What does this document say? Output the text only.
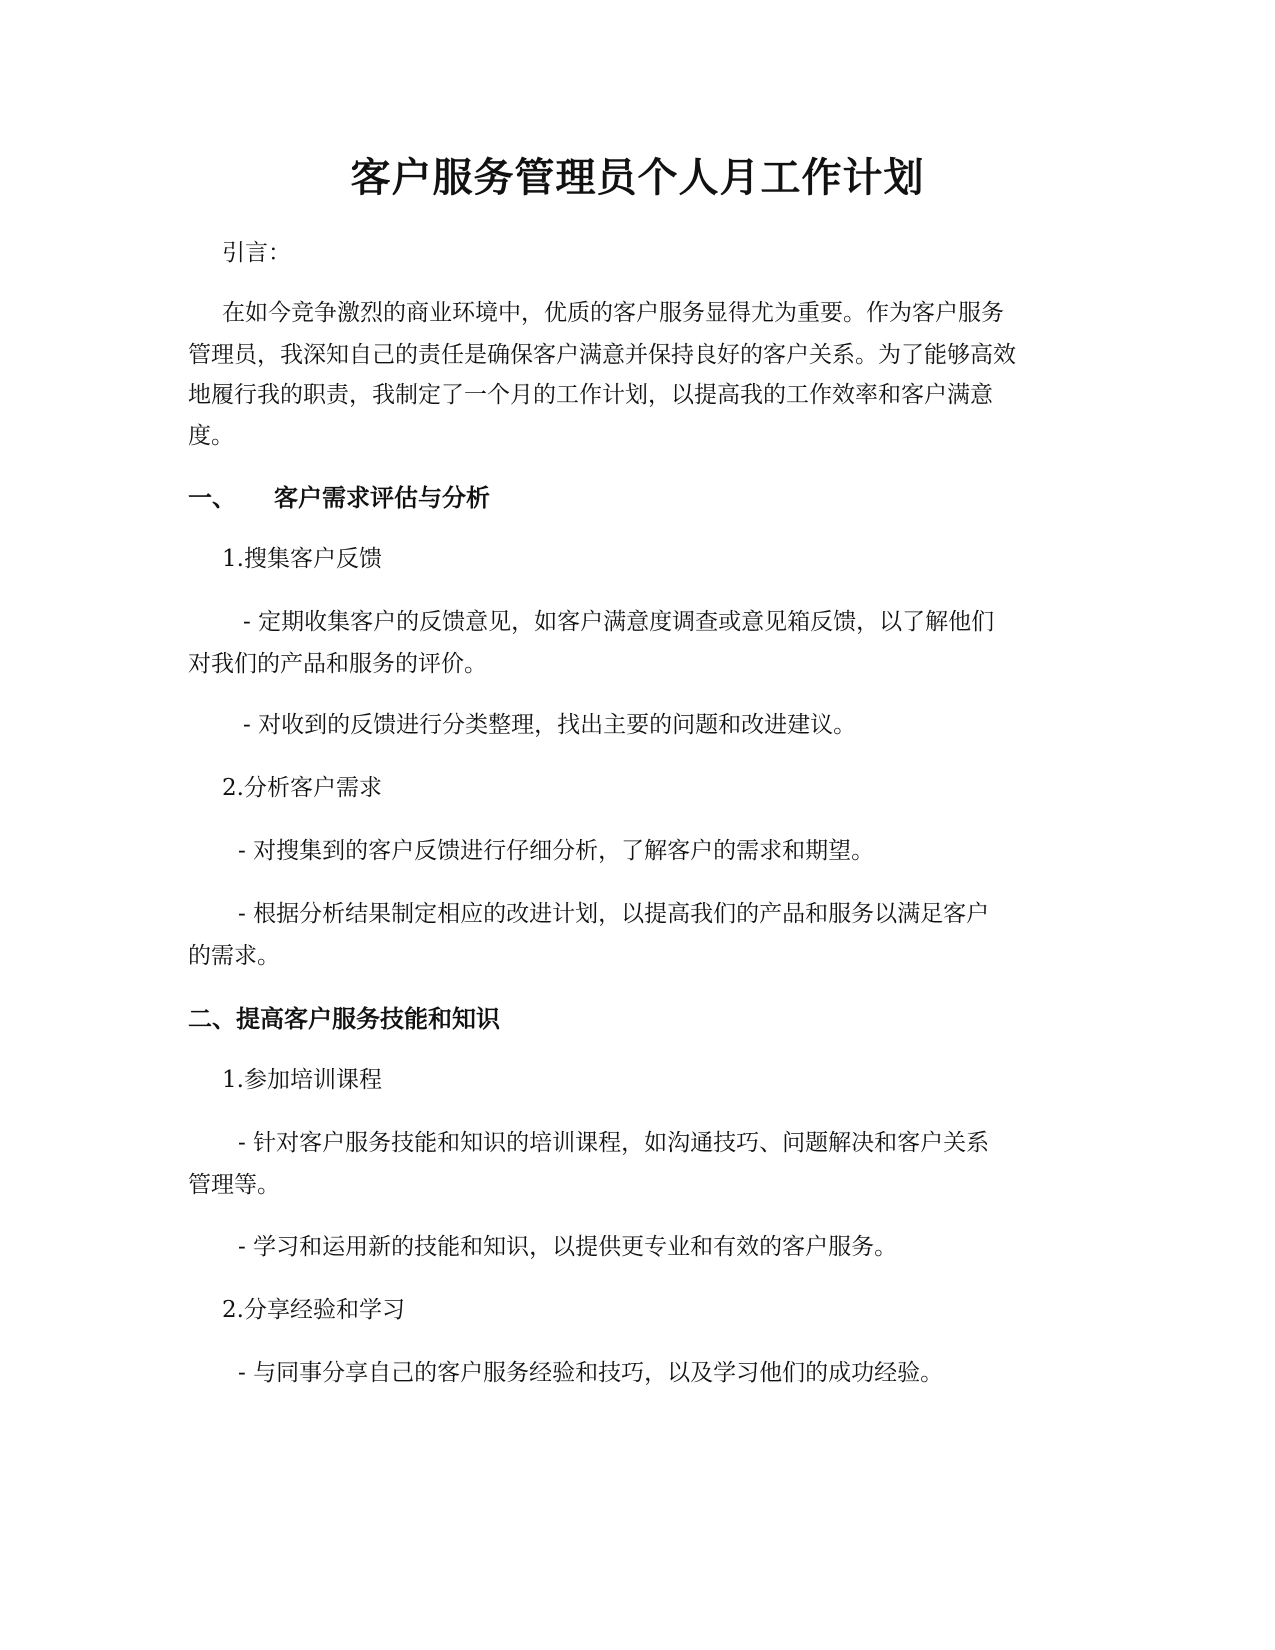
客户服务管理员个人月工作计划

引言：

在如今竞争激烈的商业环境中，优质的客户服务显得尤为重要。作为客户服务

管理员，我深知自己的责任是确保客户满意并保持良好的客户关系。为了能够高效

地履行我的职责，我制定了一个月的工作计划，以提高我的工作效率和客户满意

度。

一、 客户需求评估与分析

1.搜集客户反馈

- 定期收集客户的反馈意见，如客户满意度调查或意见箱反馈，以了解他们

对我们的产品和服务的评价。

- 对收到的反馈进行分类整理，找出主要的问题和改进建议。

2.分析客户需求

- 对搜集到的客户反馈进行仔细分析，了解客户的需求和期望。

- 根据分析结果制定相应的改进计划，以提高我们的产品和服务以满足客户

的需求。

二、提高客户服务技能和知识

1.参加培训课程

- 针对客户服务技能和知识的培训课程，如沟通技巧、问题解决和客户关系

管理等。

- 学习和运用新的技能和知识，以提供更专业和有效的客户服务。

2.分享经验和学习

- 与同事分享自己的客户服务经验和技巧，以及学习他们的成功经验。
